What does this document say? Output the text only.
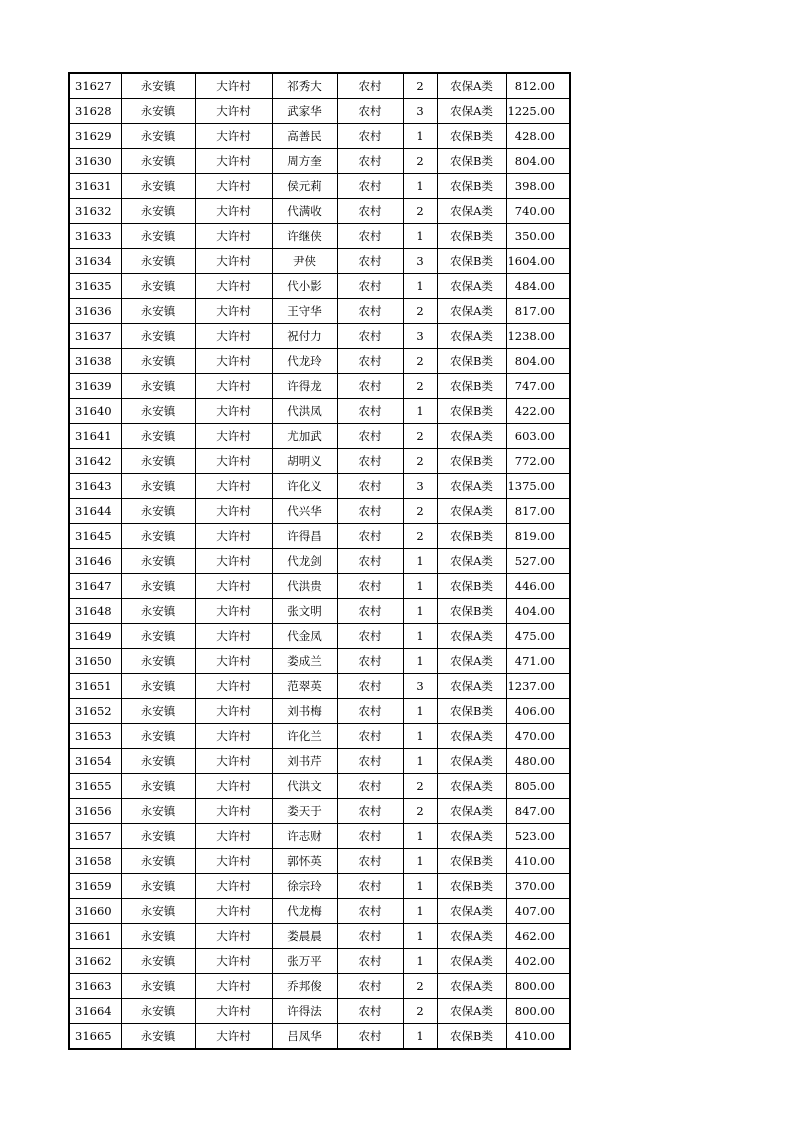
31627	永安镇	大许村	祁秀大	农村	2	农保A类	812.00
31628	永安镇	大许村	武家华	农村	3	农保A类	1225.00
31629	永安镇	大许村	高善民	农村	1	农保B类	428.00
31630	永安镇	大许村	周方奎	农村	2	农保B类	804.00
31631	永安镇	大许村	侯元莉	农村	1	农保B类	398.00
31632	永安镇	大许村	代满收	农村	2	农保A类	740.00
31633	永安镇	大许村	许继侠	农村	1	农保B类	350.00
31634	永安镇	大许村	尹侠	农村	3	农保B类	1604.00
31635	永安镇	大许村	代小影	农村	1	农保A类	484.00
31636	永安镇	大许村	王守华	农村	2	农保A类	817.00
31637	永安镇	大许村	祝付力	农村	3	农保A类	1238.00
31638	永安镇	大许村	代龙玲	农村	2	农保B类	804.00
31639	永安镇	大许村	许得龙	农村	2	农保B类	747.00
31640	永安镇	大许村	代洪凤	农村	1	农保B类	422.00
31641	永安镇	大许村	尤加武	农村	2	农保A类	603.00
31642	永安镇	大许村	胡明义	农村	2	农保B类	772.00
31643	永安镇	大许村	许化义	农村	3	农保A类	1375.00
31644	永安镇	大许村	代兴华	农村	2	农保A类	817.00
31645	永安镇	大许村	许得昌	农村	2	农保B类	819.00
31646	永安镇	大许村	代龙剑	农村	1	农保A类	527.00
31647	永安镇	大许村	代洪贵	农村	1	农保B类	446.00
31648	永安镇	大许村	张文明	农村	1	农保B类	404.00
31649	永安镇	大许村	代金凤	农村	1	农保A类	475.00
31650	永安镇	大许村	娄成兰	农村	1	农保A类	471.00
31651	永安镇	大许村	范翠英	农村	3	农保A类	1237.00
31652	永安镇	大许村	刘书梅	农村	1	农保B类	406.00
31653	永安镇	大许村	许化兰	农村	1	农保A类	470.00
31654	永安镇	大许村	刘书芹	农村	1	农保A类	480.00
31655	永安镇	大许村	代洪文	农村	2	农保A类	805.00
31656	永安镇	大许村	娄天于	农村	2	农保A类	847.00
31657	永安镇	大许村	许志财	农村	1	农保A类	523.00
31658	永安镇	大许村	郭怀英	农村	1	农保B类	410.00
31659	永安镇	大许村	徐宗玲	农村	1	农保B类	370.00
31660	永安镇	大许村	代龙梅	农村	1	农保A类	407.00
31661	永安镇	大许村	娄晨晨	农村	1	农保A类	462.00
31662	永安镇	大许村	张万平	农村	1	农保A类	402.00
31663	永安镇	大许村	乔邦俊	农村	2	农保A类	800.00
31664	永安镇	大许村	许得法	农村	2	农保A类	800.00
31665	永安镇	大许村	吕凤华	农村	1	农保B类	410.00
